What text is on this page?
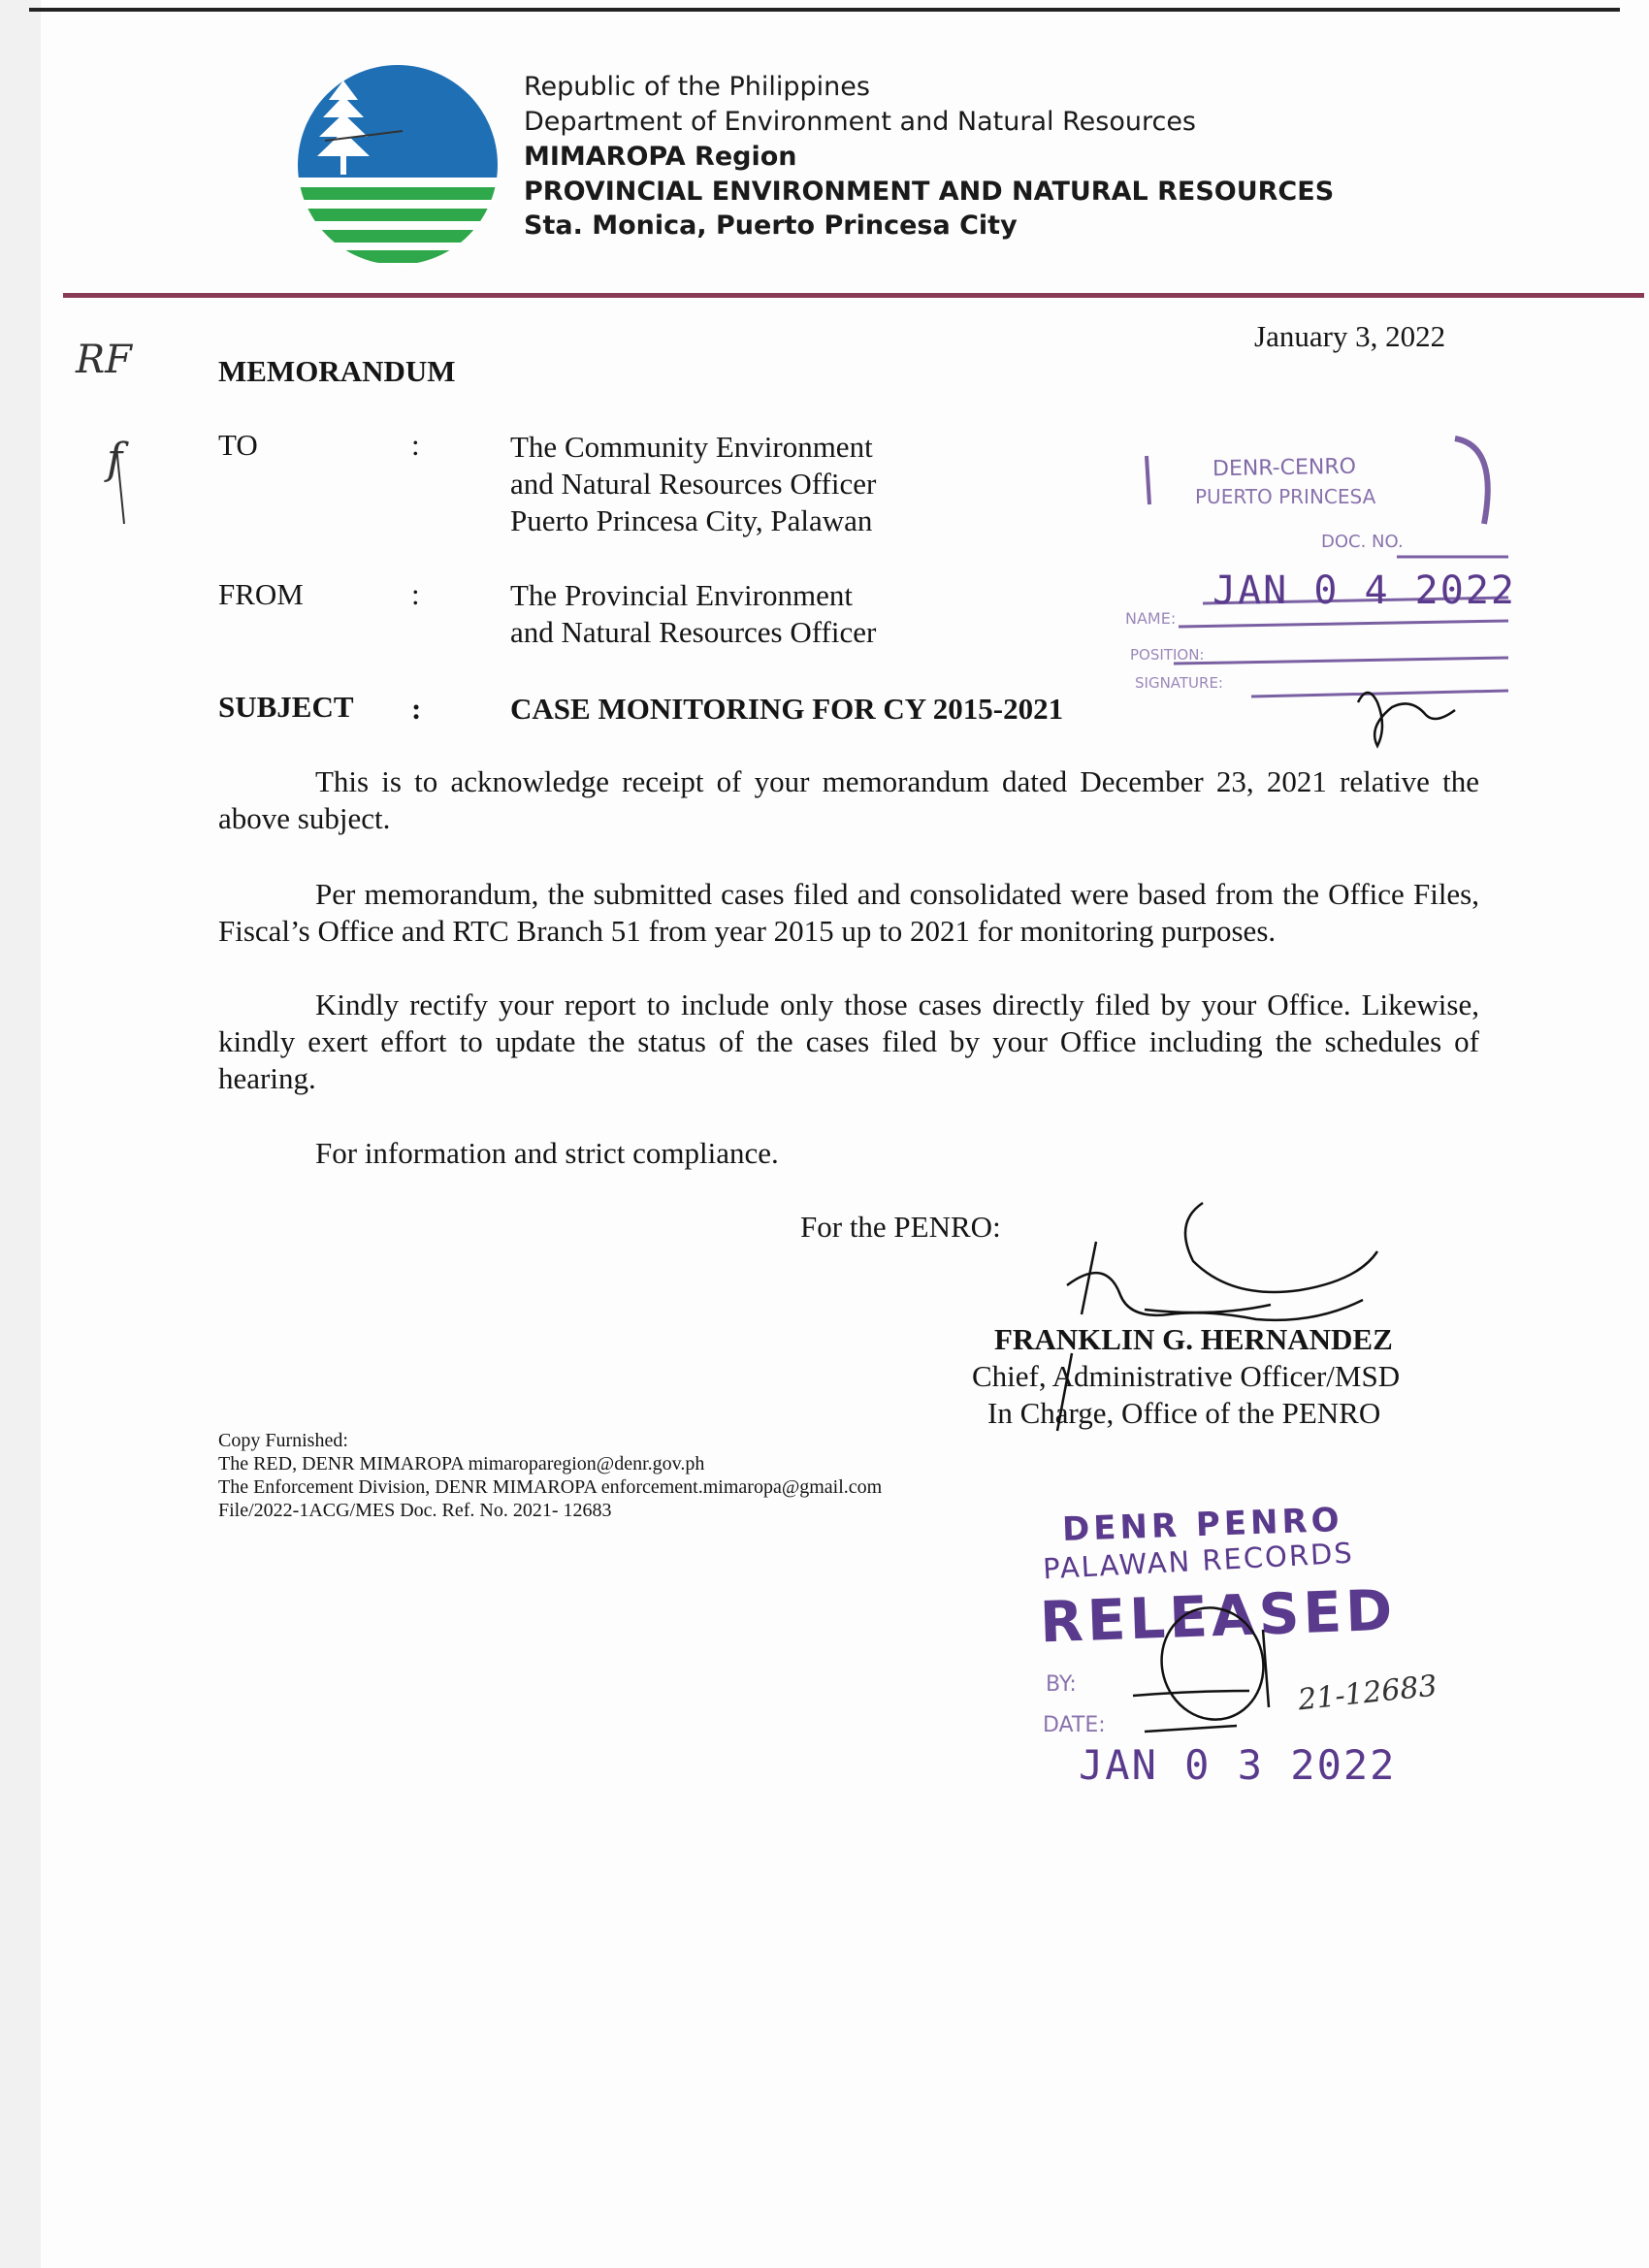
Republic of the Philippines
Department of Environment and Natural Resources
MIMAROPA Region
PROVINCIAL ENVIRONMENT AND NATURAL RESOURCES
Sta. Monica, Puerto Princesa City
January 3, 2022
MEMORANDUM
TO	:	The Community Environment
and Natural Resources Officer
Puerto Princesa City, Palawan
FROM	:	The Provincial Environment
and Natural Resources Officer
SUBJECT :	CASE MONITORING FOR CY 2015-2021
This is to acknowledge receipt of your memorandum dated December 23, 2021 relative the above subject.
Per memorandum, the submitted cases filed and consolidated were based from the Office Files, Fiscal’s Office and RTC Branch 51 from year 2015 up to 2021 for monitoring purposes.
Kindly rectify your report to include only those cases directly filed by your Office. Likewise, kindly exert effort to update the status of the cases filed by your Office including the schedules of hearing.
For information and strict compliance.
For the PENRO:
FRANKLIN G. HERNANDEZ
Chief, Administrative Officer/MSD
In Charge, Office of the PENRO
Copy Furnished:
The RED, DENR MIMAROPA mimaroparegion@denr.gov.ph
The Enforcement Division, DENR MIMAROPA enforcement.mimaropa@gmail.com
File/2022-1ACG/MES Doc. Ref. No. 2021- 12683
DENR-CENRO
PUERTO PRINCESA
DOC. NO.
JAN 0 4 2022
NAME:
POSITION:
SIGNATURE:
DENR PENRO
PALAWAN RECORDS
RELEASED
BY:
DATE:
21-12683
JAN 0 3 2022
RF
f
